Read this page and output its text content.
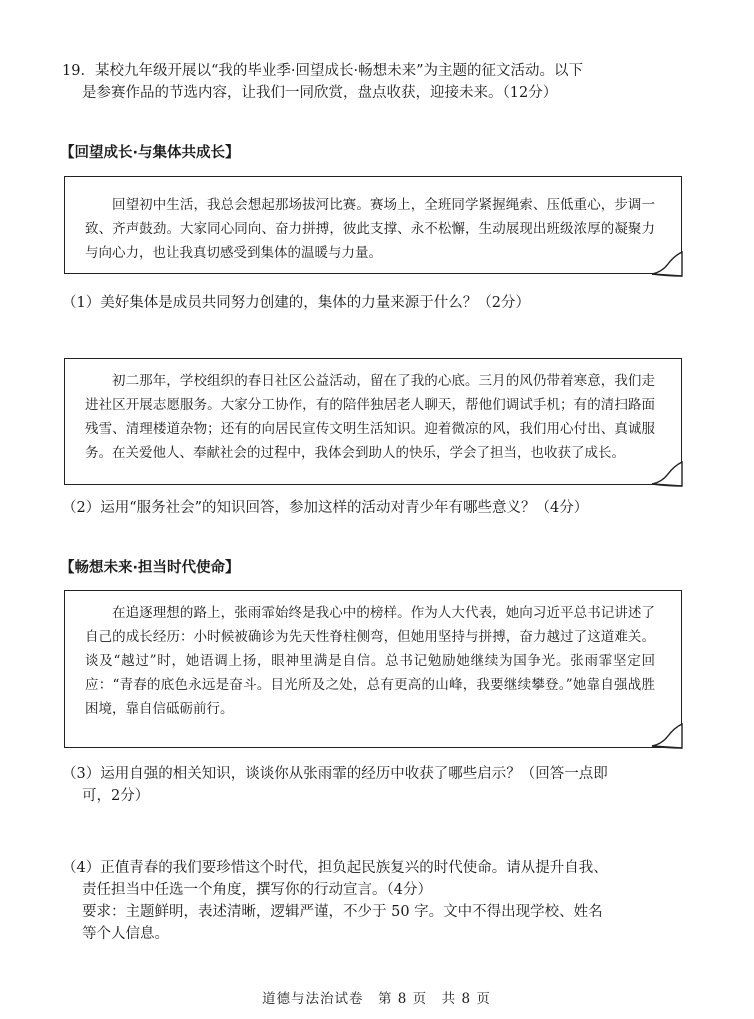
19．某校九年级开展以“我的毕业季·回望成长·畅想未来”为主题的征文活动。以下
是参赛作品的节选内容，让我们一同欣赏，盘点收获，迎接未来。（12分）
【回望成长·与集体共成长】

回望初中生活，我总会想起那场拔河比赛。赛场上，全班同学紧握绳索、压低重心，步调一致、齐声鼓劲。大家同心同向、奋力拼搏，彼此支撑、永不松懈，生动展现出班级浓厚的凝聚力与向心力，也让我真切感受到集体的温暖与力量。

（1）美好集体是成员共同努力创建的，集体的力量来源于什么？（2分）

初二那年，学校组织的春日社区公益活动，留在了我的心底。三月的风仍带着寒意，我们走进社区开展志愿服务。大家分工协作，有的陪伴独居老人聊天，帮他们调试手机；有的清扫路面残雪、清理楼道杂物；还有的向居民宣传文明生活知识。迎着微凉的风，我们用心付出、真诚服务。在关爱他人、奉献社会的过程中，我体会到助人的快乐，学会了担当，也收获了成长。

（2）运用“服务社会”的知识回答，参加这样的活动对青少年有哪些意义？（4分）
【畅想未来·担当时代使命】

在追逐理想的路上，张雨霏始终是我心中的榜样。作为人大代表，她向习近平总书记讲述了自己的成长经历：小时候被确诊为先天性脊柱侧弯，但她用坚持与拼搏，奋力越过了这道难关。谈及“越过”时，她语调上扬，眼神里满是自信。总书记勉励她继续为国争光。张雨霏坚定回应：“青春的底色永远是奋斗。目光所及之处，总有更高的山峰，我要继续攀登。”她靠自强战胜困境，靠自信砥砺前行。

（3）运用自强的相关知识，谈谈你从张雨霏的经历中收获了哪些启示？（回答一点即
可，2分）
（4）正值青春的我们要珍惜这个时代，担负起民族复兴的时代使命。请从提升自我、
责任担当中任选一个角度，撰写你的行动宣言。（4分）
要求：主题鲜明，表述清晰，逻辑严谨，不少于 50 字。文中不得出现学校、姓名
等个人信息。
道德与法治试卷　第 8 页　共 8 页
